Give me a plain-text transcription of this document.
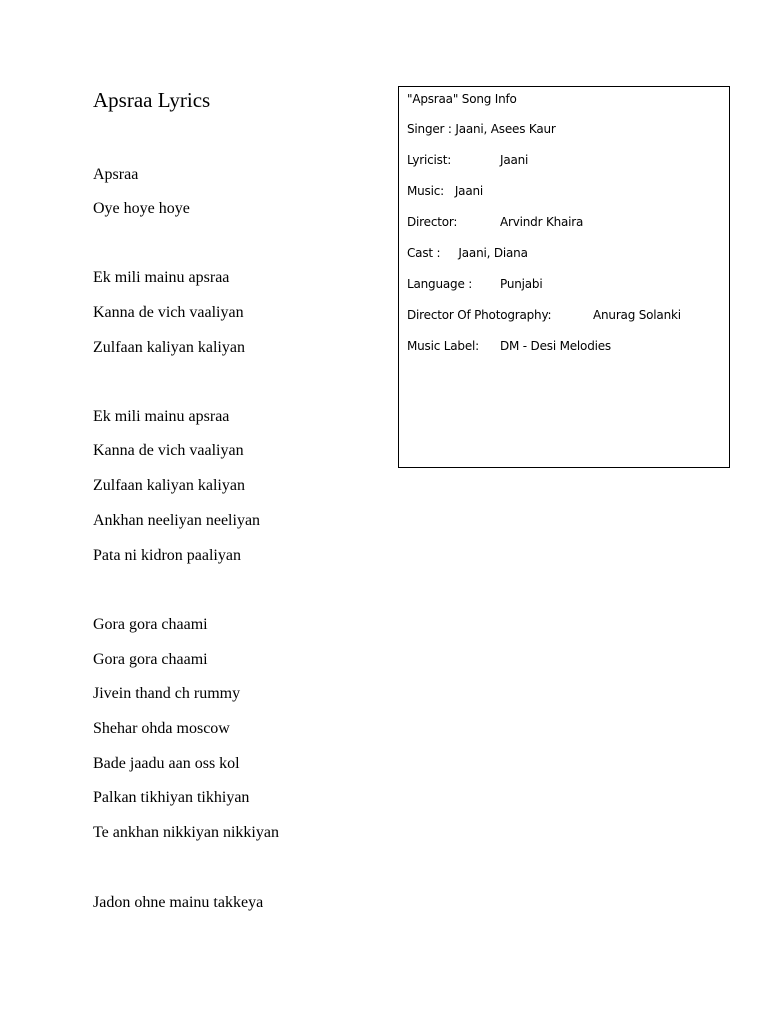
Apsraa Lyrics
Apsraa
Oye hoye hoye
Ek mili mainu apsraa
Kanna de vich vaaliyan
Zulfaan kaliyan kaliyan
Ek mili mainu apsraa
Kanna de vich vaaliyan
Zulfaan kaliyan kaliyan
Ankhan neeliyan neeliyan
Pata ni kidron paaliyan
Gora gora chaami
Gora gora chaami
Jivein thand ch rummy
Shehar ohda moscow
Bade jaadu aan oss kol
Palkan tikhiyan tikhiyan
Te ankhan nikkiyan nikkiyan
Jadon ohne mainu takkeya
"Apsraa" Song Info
Singer : Jaani, Asees Kaur
Lyricist:	Jaani
Music:   Jaani
Director:	Arvindr Khaira
Cast :     Jaani, Diana
Language : Punjabi
Director Of Photography:	Anurag Solanki
Music Label: DM - Desi Melodies
